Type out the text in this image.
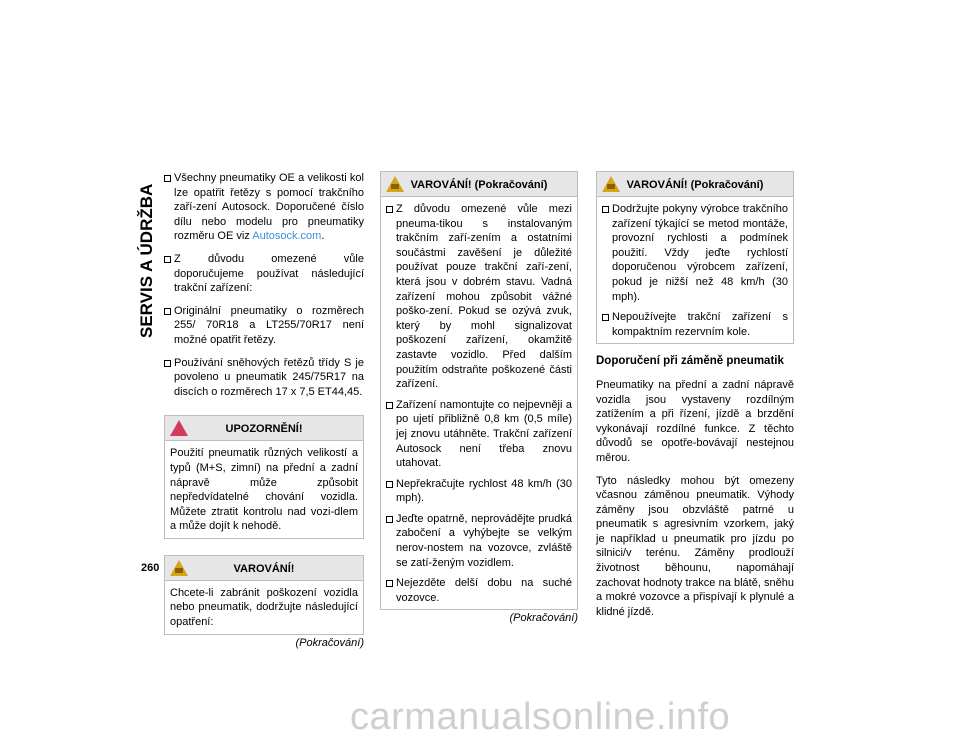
SERVIS A ÚDRŽBA
260
Všechny pneumatiky OE a velikosti kol lze opatřit řetězy s pomocí trakčního zaří-zení Autosock. Doporučené číslo dílu nebo modelu pro pneumatiky rozměru OE viz Autosock.com.
Z důvodu omezené vůle doporučujeme používat následující trakční zařízení:
Originální pneumatiky o rozměrech 255/ 70R18 a LT255/70R17 není možné opatřit řetězy.
Používání sněhových řetězů třídy S je povoleno u pneumatik 245/75R17 na discích o rozměrech 17 x 7,5 ET44,45.
UPOZORNĚNÍ!
Použití pneumatik různých velikostí a typů (M+S, zimní) na přední a zadní nápravě může způsobit nepředvídatelné chování vozidla. Můžete ztratit kontrolu nad vozi-dlem a může dojít k nehodě.
VAROVÁNÍ!
Chcete-li zabránit poškození vozidla nebo pneumatik, dodržujte následující opatření:
(Pokračování)
VAROVÁNÍ! (Pokračování)
Z důvodu omezené vůle mezi pneuma-tikou s instalovaným trakčním zaří-zením a ostatními součástmi zavěšení je důležité používat pouze trakční zaří-zení, která jsou v dobrém stavu. Vadná zařízení mohou způsobit vážné poško-zení. Pokud se ozývá zvuk, který by mohl signalizovat poškození zařízení, okamžitě zastavte vozidlo. Před dalším použitím odstraňte poškozené části zařízení.
Zařízení namontujte co nejpevněji a po ujetí přibližně 0,8 km (0,5 míle) jej znovu utáhněte. Trakční zařízení Autosock není třeba znovu utahovat.
Nepřekračujte rychlost 48 km/h (30 mph).
Jeďte opatrně, neprovádějte prudká zabočení a vyhýbejte se velkým nerov-nostem na vozovce, zvláště se zatí-ženým vozidlem.
Nejezděte delší dobu na suché vozovce.
(Pokračování)
VAROVÁNÍ! (Pokračování)
Dodržujte pokyny výrobce trakčního zařízení týkající se metod montáže, provozní rychlosti a podmínek použití. Vždy jeďte rychlostí doporučenou výrobcem zařízení, pokud je nižší než 48 km/h (30 mph).
Nepoužívejte trakční zařízení s kompaktním rezervním kole.
Doporučení při záměně pneumatik
Pneumatiky na přední a zadní nápravě vozidla jsou vystaveny rozdílným zatížením a při řízení, jízdě a brzdění vykonávají rozdílné funkce. Z těchto důvodů se opotře-bovávají nestejnou měrou.
Tyto následky mohou být omezeny včasnou záměnou pneumatik. Výhody záměny jsou obzvláště patrné u pneumatik s agresivním vzorkem, jaký je například u pneumatik pro jízdu po silnici/v terénu. Záměny prodlouží životnost běhounu, napomáhají zachovat hodnoty trakce na blátě, sněhu a mokré vozovce a přispívají k plynulé a klidné jízdě.
carmanualsonline.info
